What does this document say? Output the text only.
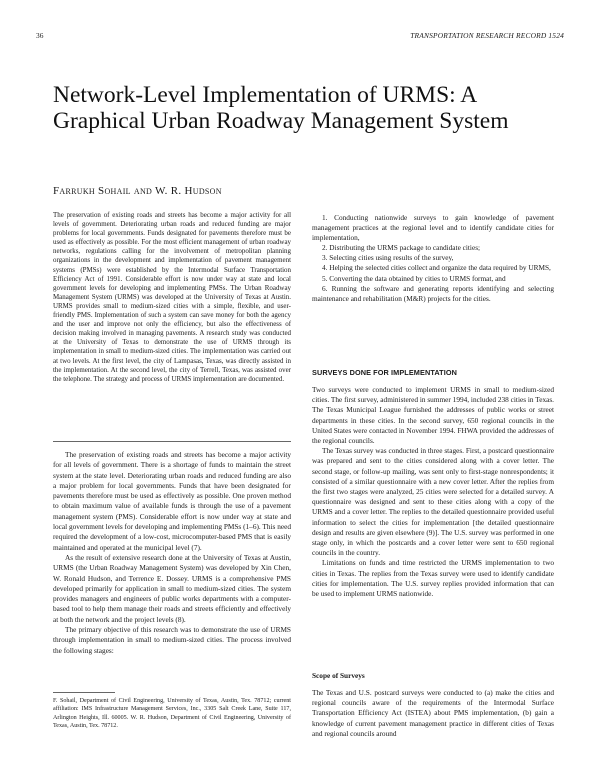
36	TRANSPORTATION RESEARCH RECORD 1524
Network-Level Implementation of URMS: A Graphical Urban Roadway Management System
Farrukh Sohail and W. R. Hudson

The preservation of existing roads and streets has become a major activity for all levels of government. Deteriorating urban roads and reduced funding are major problems for local governments. Funds designated for pavements therefore must be used as effectively as possible. For the most efficient management of urban roadway networks, regulations calling for the involvement of metropolitan planning organizations in the development and implementation of pavement management systems (PMSs) were established by the Intermodal Surface Transportation Efficiency Act of 1991. Considerable effort is now under way at state and local government levels for developing and implementing PMSs. The Urban Roadway Management System (URMS) was developed at the University of Texas at Austin. URMS provides small to medium-sized cities with a simple, flexible, and user-friendly PMS. Implementation of such a system can save money for both the agency and the user and improve not only the efficiency, but also the effectiveness of decision making involved in managing pavements. A research study was conducted at the University of Texas to demonstrate the use of URMS through its implementation in small to medium-sized cities. The implementation was carried out at two levels. At the first level, the city of Lampasas, Texas, was directly assisted in the implementation. At the second level, the city of Terrell, Texas, was assisted over the telephone. The strategy and process of URMS implementation are documented.

The preservation of existing roads and streets has become a major activity for all levels of government. There is a shortage of funds to maintain the street system at the state level. Deteriorating urban roads and reduced funding are also a major problem for local governments. Funds that have been designated for pavements therefore must be used as effectively as possible. One proven method to obtain maximum value of available funds is through the use of a pavement management system (PMS). Considerable effort is now under way at state and local government levels for developing and implementing PMSs (1–6). This need required the development of a low-cost, microcomputer-based PMS that is easily maintained and operated at the municipal level (7).

As the result of extensive research done at the University of Texas at Austin, URMS (the Urban Roadway Management System) was developed by Xin Chen, W. Ronald Hudson, and Terrence E. Dossey. URMS is a comprehensive PMS developed primarily for application in small to medium-sized cities. The system provides managers and engineers of public works departments with a computer-based tool to help them manage their roads and streets efficiently and effectively at both the network and the project levels (8).

The primary objective of this research was to demonstrate the use of URMS through implementation in small to medium-sized cities. The process involved the following stages:

F. Sohail, Department of Civil Engineering, University of Texas, Austin, Tex. 78712; current affiliation: IMS Infrastructure Management Services, Inc., 3305 Salt Creek Lane, Suite 117, Arlington Heights, Ill. 60005. W. R. Hudson, Department of Civil Engineering, University of Texas, Austin, Tex. 78712.

1. Conducting nationwide surveys to gain knowledge of pavement management practices at the regional level and to identify candidate cities for implementation,

2. Distributing the URMS package to candidate cities;

3. Selecting cities using results of the survey,

4. Helping the selected cities collect and organize the data required by URMS,

5. Converting the data obtained by cities to URMS format, and

6. Running the software and generating reports identifying and selecting maintenance and rehabilitation (M&R) projects for the cities.

SURVEYS DONE FOR IMPLEMENTATION

Two surveys were conducted to implement URMS in small to medium-sized cities. The first survey, administered in summer 1994, included 238 cities in Texas. The Texas Municipal League furnished the addresses of public works or street departments in these cities. In the second survey, 650 regional councils in the United States were contacted in November 1994. FHWA provided the addresses of the regional councils.

The Texas survey was conducted in three stages. First, a postcard questionnaire was prepared and sent to the cities considered along with a cover letter. The second stage, or follow-up mailing, was sent only to first-stage nonrespondents; it consisted of a similar questionnaire with a new cover letter. After the replies from the first two stages were analyzed, 25 cities were selected for a detailed survey. A questionnaire was designed and sent to these cities along with a copy of the URMS and a cover letter. The replies to the detailed questionnaire provided useful information to select the cities for implementation [the detailed questionnaire design and results are given elsewhere (9)]. The U.S. survey was performed in one stage only, in which the postcards and a cover letter were sent to 650 regional councils in the country.

Limitations on funds and time restricted the URMS implementation to two cities in Texas. The replies from the Texas survey were used to identify candidate cities for implementation. The U.S. survey replies provided information that can be used to implement URMS nationwide.

Scope of Surveys

The Texas and U.S. postcard surveys were conducted to (a) make the cities and regional councils aware of the requirements of the Intermodal Surface Transportation Efficiency Act (ISTEA) about PMS implementation, (b) gain a knowledge of current pavement management practice in different cities of Texas and regional councils around
